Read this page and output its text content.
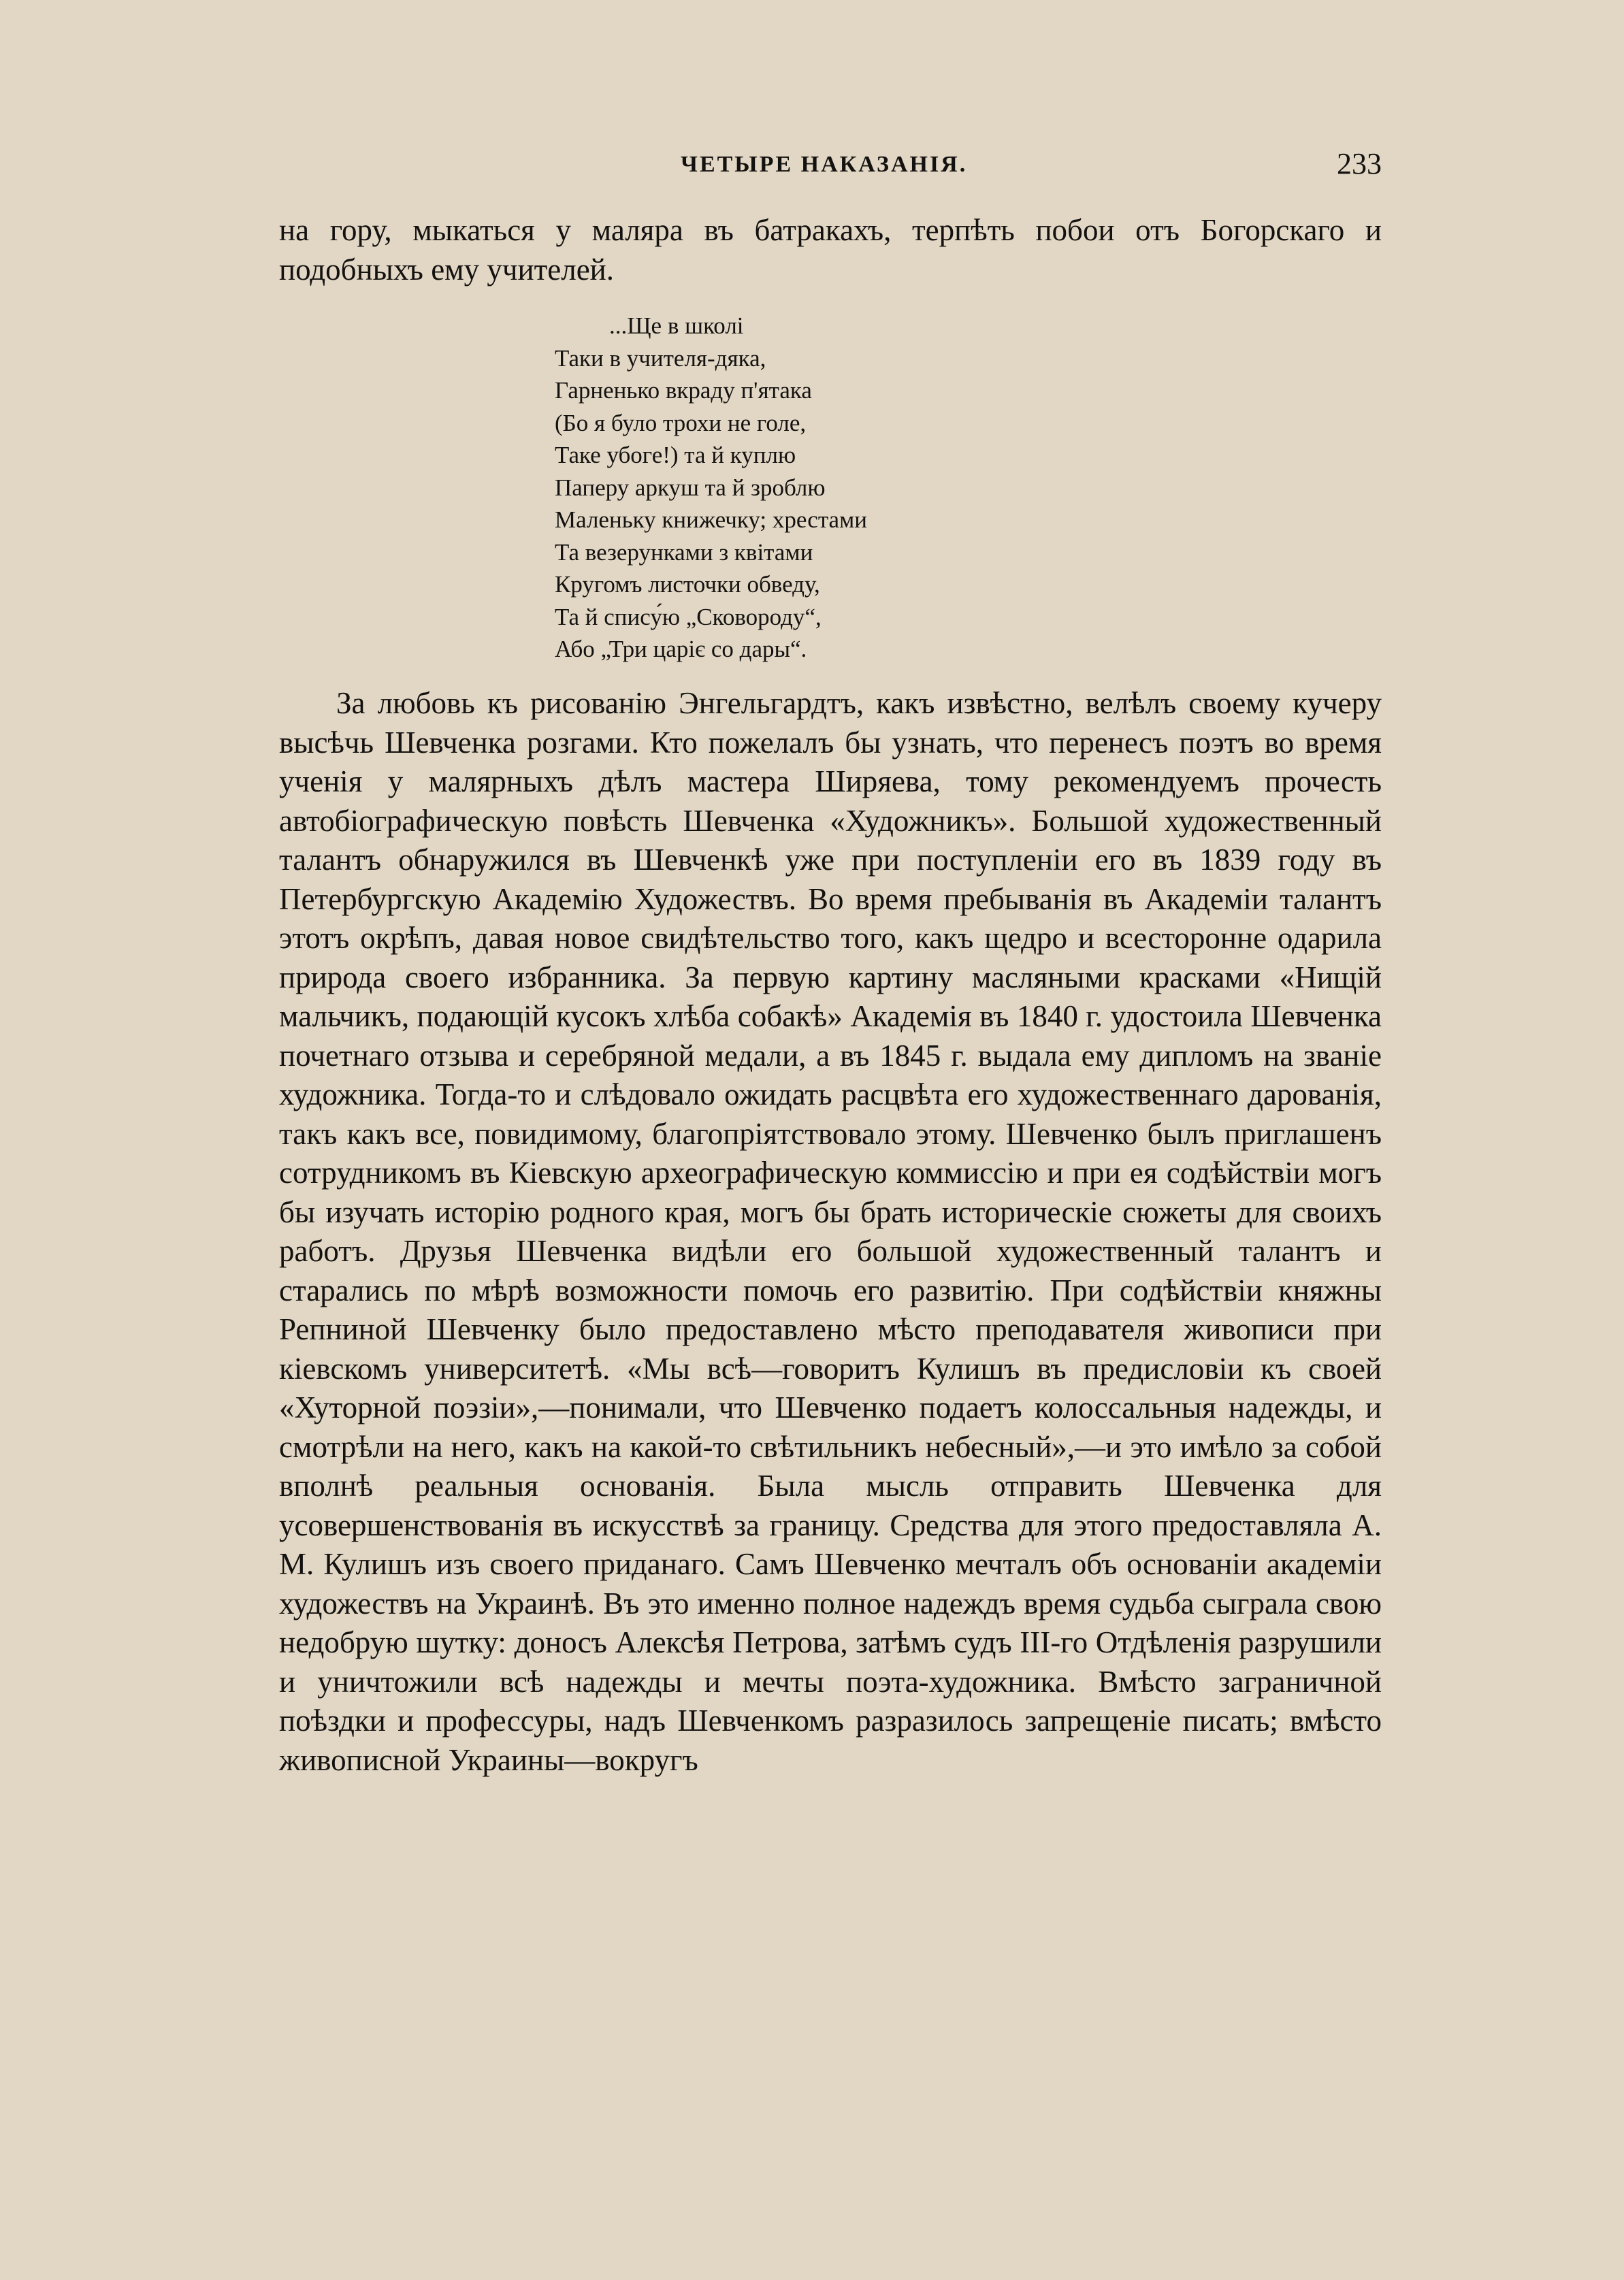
ЧЕТЫРЕ НАКАЗАНІЯ.	233

на гору, мыкаться у маляра въ батракахъ, терпѣть побои отъ Богорскаго и подобныхъ ему учителей.

...Ще в школі
Таки в учителя-дяка,
Гарненько вкраду п'ятака
(Бо я було трохи не голе,
Таке убоге!) та й куплю
Паперу аркуш та й зроблю
Маленьку книжечку; хрестами
Та везерунками з квітами
Кругомъ листочки обведу,
Та й спису́ю „Сковороду“,
Або „Три царіє со дары“.

За любовь къ рисованію Энгельгардтъ, какъ извѣстно, велѣлъ своему кучеру высѣчь Шевченка розгами. Кто пожелалъ бы узнать, что перенесъ поэтъ во время ученія у малярныхъ дѣлъ мастера Ширяева, тому рекомендуемъ прочесть автобіографическую повѣсть Шевченка «Художникъ». Большой художественный талантъ обнаружился въ Шевченкѣ уже при поступленіи его въ 1839 году въ Петербургскую Академію Художествъ. Во время пребыванія въ Академіи талантъ этотъ окрѣпъ, давая новое свидѣтельство того, какъ щедро и всесторонне одарила природа своего избранника. За первую картину масляными красками «Нищій мальчикъ, подающій кусокъ хлѣба собакѣ» Академія въ 1840 г. удостоила Шевченка почетнаго отзыва и серебряной медали, а въ 1845 г. выдала ему дипломъ на званіе художника. Тогда-то и слѣдовало ожидать расцвѣта его художественнаго дарованія, такъ какъ все, повидимому, благопріятствовало этому. Шевченко былъ приглашенъ сотрудникомъ въ Кіевскую археографическую коммиссію и при ея содѣйствіи могъ бы изучать исторію родного края, могъ бы брать историческіе сюжеты для своихъ работъ. Друзья Шевченка видѣли его большой художественный талантъ и старались по мѣрѣ возможности помочь его развитію. При содѣйствіи княжны Репниной Шевченку было предоставлено мѣсто преподавателя живописи при кіевскомъ университетѣ. «Мы всѣ—говоритъ Кулишъ въ предисловіи къ своей «Хуторной поэзіи»,—понимали, что Шевченко подаетъ колоссальныя надежды, и смотрѣли на него, какъ на какой-то свѣтильникъ небесный»,—и это имѣло за собой вполнѣ реальныя основанія. Была мысль отправить Шевченка для усовершенствованія въ искусствѣ за границу. Средства для этого предоставляла А. М. Кулишъ изъ своего приданаго. Самъ Шевченко мечталъ объ основаніи академіи художествъ на Украинѣ. Въ это именно полное надеждъ время судьба сыграла свою недобрую шутку: доносъ Алексѣя Петрова, затѣмъ судъ III-го Отдѣленія разрушили и уничтожили всѣ надежды и мечты поэта-художника. Вмѣсто заграничной поѣздки и профессуры, надъ Шевченкомъ разразилось запрещеніе писать; вмѣсто живописной Украины—вокругъ
